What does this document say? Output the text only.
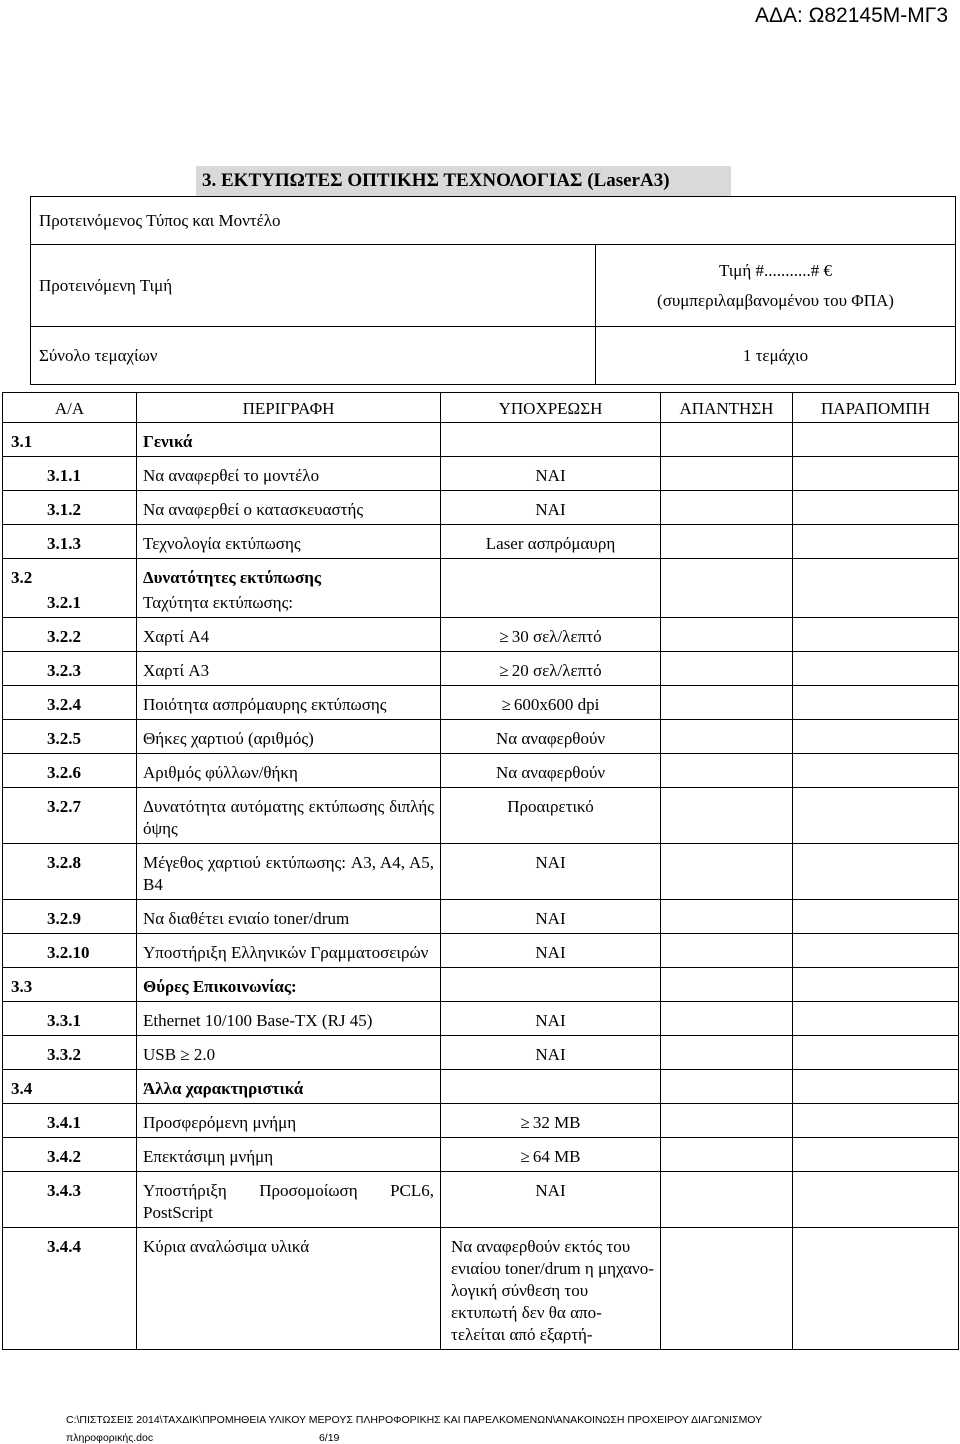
ΑΔΑ: Ω82145Μ-ΜΓ3
3. ΕΚΤΥΠΩΤΕΣ ΟΠΤΙΚΗΣ ΤΕΧΝΟΛΟΓΙΑΣ (LaserA3)
Προτεινόμενος Τύπος και Μοντέλο	
Προτεινόμενη Τιμή	Τιμή #...........# €
(συμπεριλαμβανομένου του ΦΠΑ)

Σύνολο τεμαχίων	1 τεμάχιο
Α/Α	ΠΕΡΙΓΡΑΦΗ	ΥΠΟΧΡΕΩΣΗ	ΑΠΑΝΤΗΣΗ	ΠΑΡΑΠΟΜΠΗ
3.1	Γενικά			
3.1.1	Να αναφερθεί το μοντέλο	ΝΑΙ		
3.1.2	Να αναφερθεί ο κατασκευαστής	ΝΑΙ		
3.1.3	Τεχνολογία εκτύπωσης	Laser ασπρόμαυρη		
3.2	Δυνατότητες εκτύπωσης			
3.2.1	Ταχύτητα εκτύπωσης:			
3.2.2	Χαρτί A4	≥ 30 σελ/λεπτό		
3.2.3	Χαρτί A3	≥ 20 σελ/λεπτό		
3.2.4	Ποιότητα ασπρόμαυρης εκτύπωσης	≥ 600x600 dpi		
3.2.5	Θήκες χαρτιού (αριθμός)	Να αναφερθούν		
3.2.6	Αριθμός φύλλων/θήκη	Να αναφερθούν		
3.2.7	Δυνατότητα αυτόματης εκτύπωσης διπλής όψης	Προαιρετικό		
3.2.8	Μέγεθος χαρτιού εκτύπωσης: A3, A4, A5, B4	ΝΑΙ		
3.2.9	Να διαθέτει ενιαίο toner/drum	ΝΑΙ		
3.2.10	Υποστήριξη Ελληνικών Γραμματοσειρών	ΝΑΙ		
3.3	Θύρες Επικοινωνίας:			
3.3.1	Ethernet 10/100 Base-TX (RJ 45)	ΝΑΙ		
3.3.2	USB ≥ 2.0	ΝΑΙ		
3.4	Άλλα χαρακτηριστικά			
3.4.1	Προσφερόμενη μνήμη	≥ 32 MB		
3.4.2	Επεκτάσιμη μνήμη	≥ 64 MB		
3.4.3	Υποστήριξη Προσομοίωση PCL6, PostScript	ΝΑΙ		
3.4.4	Κύρια αναλώσιμα υλικά	Να αναφερθούν εκτός του ενιαίου toner/drum η μηχανο-λογική σύνθεση του εκτυπωτή δεν θα απο-τελείται από εξαρτή-		
C:\ΠΙΣΤΩΣΕΙΣ 2014\ΤΑΧΔΙΚ\ΠΡΟΜΗΘΕΙΑ ΥΛΙΚΟΥ ΜΕΡΟΥΣ ΠΛΗΡΟΦΟΡΙΚΗΣ ΚΑΙ ΠΑΡΕΛΚΟΜΕΝΩΝ\ΑΝΑΚΟΙΝΩΣΗ ΠΡΟΧΕΙΡΟΥ ΔΙΑΓΩΝΙΣΜΟΥ
πληροφορικής.doc	6/19
